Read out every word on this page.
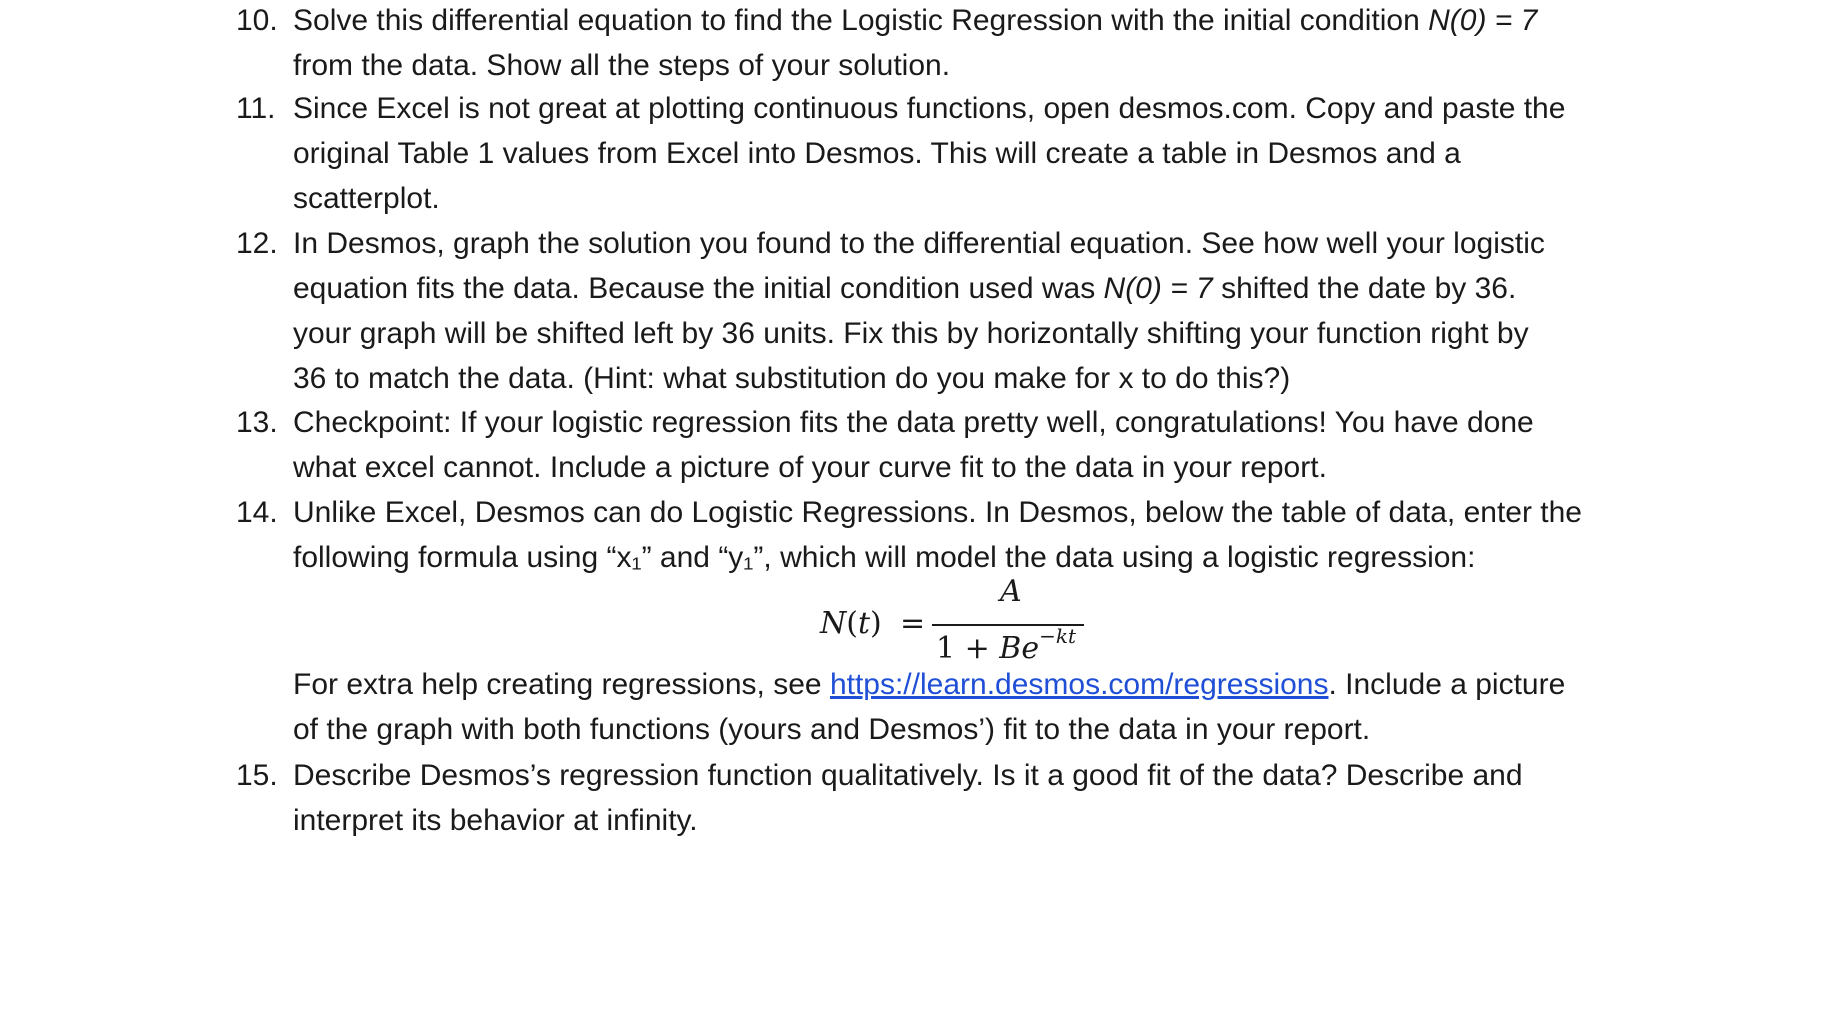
10. Solve this differential equation to find the Logistic Regression with the initial condition N(0) = 7
from the data. Show all the steps of your solution.
11. Since Excel is not great at plotting continuous functions, open desmos.com. Copy and paste the
original Table 1 values from Excel into Desmos. This will create a table in Desmos and a
scatterplot.
12. In Desmos, graph the solution you found to the differential equation. See how well your logistic
equation fits the data. Because the initial condition used was N(0) = 7 shifted the date by 36.
your graph will be shifted left by 36 units. Fix this by horizontally shifting your function right by
36 to match the data. (Hint: what substitution do you make for x to do this?)
13. Checkpoint: If your logistic regression fits the data pretty well, congratulations! You have done
what excel cannot. Include a picture of your curve fit to the data in your report.
14. Unlike Excel, Desmos can do Logistic Regressions. In Desmos, below the table of data, enter the
following formula using “x₁” and “y₁”, which will model the data using a logistic regression:
N(t) =
A
$1 + Be^{-kt}$
For extra help creating regressions, see https://learn.desmos.com/regressions. Include a picture
of the graph with both functions (yours and Desmos’) fit to the data in your report.
15. Describe Desmos’s regression function qualitatively. Is it a good fit of the data? Describe and
interpret its behavior at infinity.
